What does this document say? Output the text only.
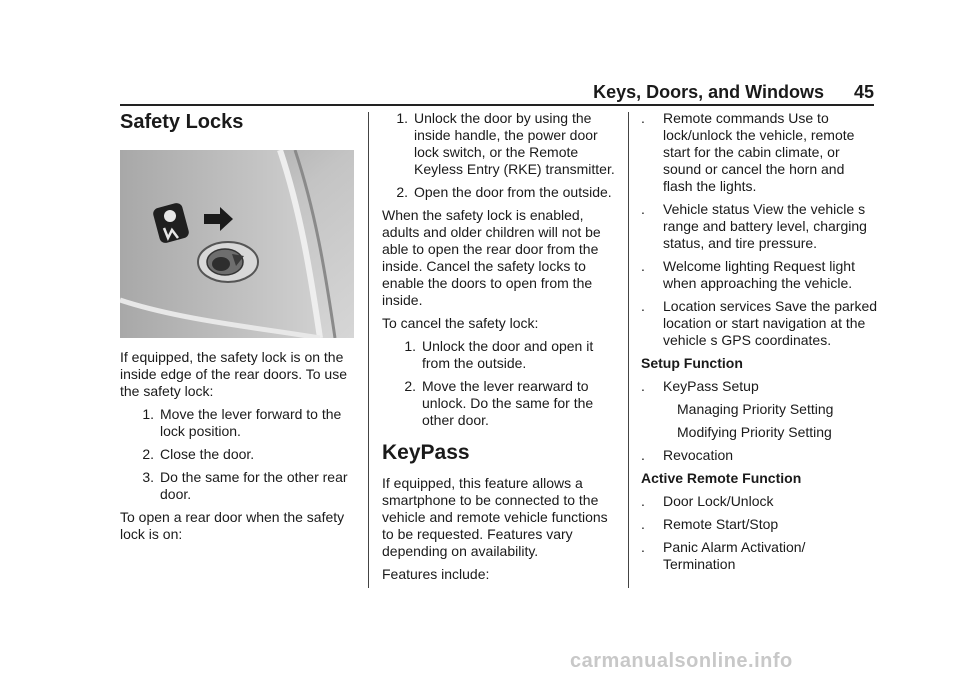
Keys, Doors, and Windows 45
Safety Locks

If equipped, the safety lock is on the inside edge of the rear doors. To use the safety lock:

1. Move the lever forward to the lock position.
2. Close the door.
3. Do the same for the other rear door.

To open a rear door when the safety lock is on:

1. Unlock the door by using the inside handle, the power door lock switch, or the Remote Keyless Entry (RKE) transmitter.
2. Open the door from the outside.

When the safety lock is enabled, adults and older children will not be able to open the rear door from the inside. Cancel the safety locks to enable the doors to open from the inside.

To cancel the safety lock:

1. Unlock the door and open it from the outside.
2. Move the lever rearward to unlock. Do the same for the other door.
KeyPass

If equipped, this feature allows a smartphone to be connected to the vehicle and remote vehicle functions to be requested. Features vary depending on availability.

Features include:

.	Remote commands Use to lock/unlock the vehicle, remote start for the cabin climate, or sound or cancel the horn and flash the lights.
.	Vehicle status View the vehicle s range and battery level, charging status, and tire pressure.
.	Welcome lighting Request light when approaching the vehicle.
.	Location services Save the parked location or start navigation at the vehicle s GPS coordinates.
Setup Function
.	KeyPass Setup
Managing Priority Setting
Modifying Priority Setting
.	Revocation
Active Remote Function
.	Door Lock/Unlock
.	Remote Start/Stop
.	Panic Alarm Activation/ Termination
carmanualsonline.info
